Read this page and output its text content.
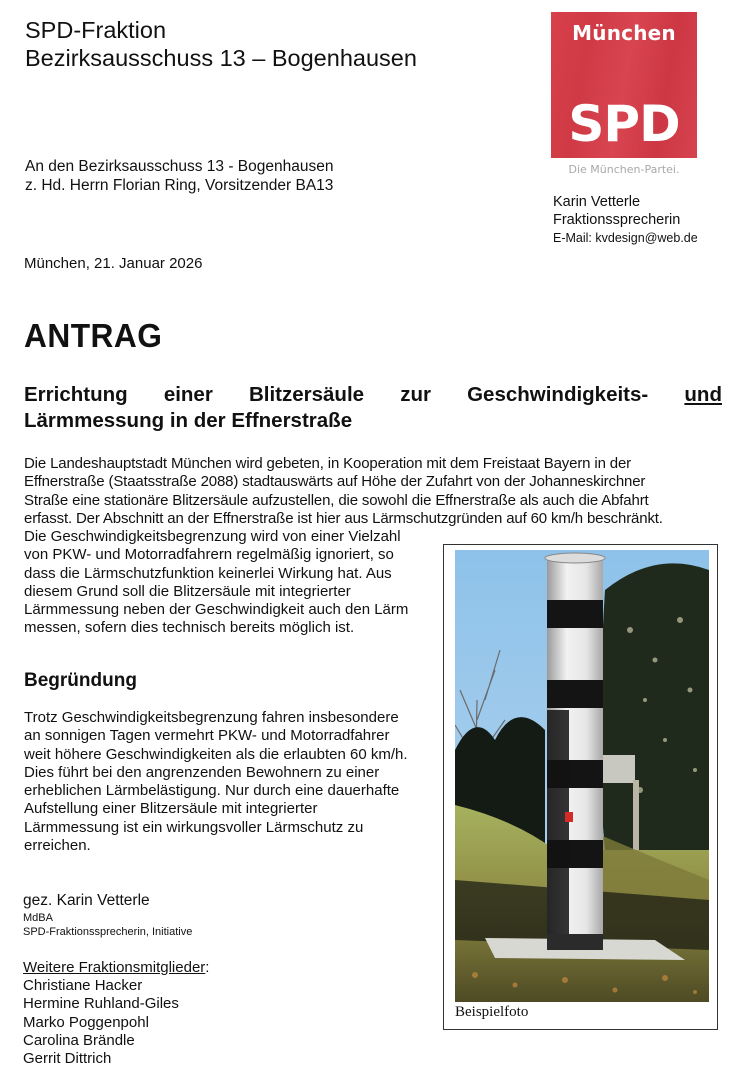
SPD-Fraktion
Bezirksausschuss 13 – Bogenhausen
München
SPD
Die München-Partei.
Karin Vetterle
Fraktionssprecherin
E-Mail: kvdesign@web.de
An den Bezirksausschuss 13 - Bogenhausen
z. Hd. Herrn Florian Ring, Vorsitzender BA13
München, 21. Januar 2026
ANTRAG
Errichtung einer Blitzersäule zur Geschwindigkeits- und
Lärmmessung in der Effnerstraße
Die Landeshauptstadt München wird gebeten, in Kooperation mit dem Freistaat Bayern in der
Effnerstraße (Staatsstraße 2088) stadtauswärts auf Höhe der Zufahrt von der Johanneskirchner
Straße eine stationäre Blitzersäule aufzustellen, die sowohl die Effnerstraße als auch die Abfahrt
erfasst. Der Abschnitt an der Effnerstraße ist hier aus Lärmschutzgründen auf 60 km/h beschränkt.
Die Geschwindigkeitsbegrenzung wird von einer Vielzahl
von PKW- und Motorradfahrern regelmäßig ignoriert, so
dass die Lärmschutzfunktion keinerlei Wirkung hat. Aus
diesem Grund soll die Blitzersäule mit integrierter
Lärmmessung neben der Geschwindigkeit auch den Lärm
messen, sofern dies technisch bereits möglich ist.
Begründung
Trotz Geschwindigkeitsbegrenzung fahren insbesondere
an sonnigen Tagen vermehrt PKW- und Motorradfahrer
weit höhere Geschwindigkeiten als die erlaubten 60 km/h.
Dies führt bei den angrenzenden Bewohnern zu einer
erheblichen Lärmbelästigung. Nur durch eine dauerhafte
Aufstellung einer Blitzersäule mit integrierter
Lärmmessung ist ein wirkungsvoller Lärmschutz zu
erreichen.
gez. Karin Vetterle
MdBA
SPD-Fraktionssprecherin, Initiative
Weitere Fraktionsmitglieder:
Christiane Hacker
Hermine Ruhland-Giles
Marko Poggenpohl
Carolina Brändle
Gerrit Dittrich
Beispielfoto
